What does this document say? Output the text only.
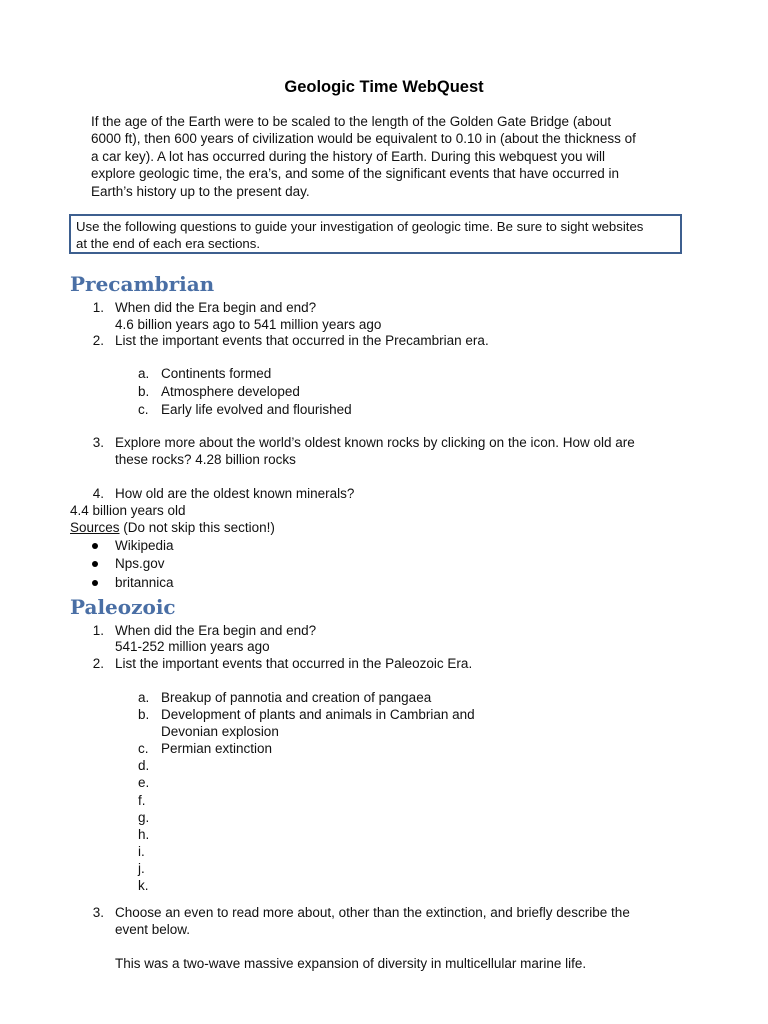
Geologic Time WebQuest
If the age of the Earth were to be scaled to the length of the Golden Gate Bridge (about
6000 ft), then 600 years of civilization would be equivalent to 0.10 in (about the thickness of
a car key). A lot has occurred during the history of Earth. During this webquest you will
explore geologic time, the era’s, and some of the significant events that have occurred in
Earth’s history up to the present day.
Use the following questions to guide your investigation of geologic time. Be sure to sight websites
at the end of each era sections.
Precambrian
1. When did the Era begin and end?
4.6 billion years ago to 541 million years ago
2. List the important events that occurred in the Precambrian era.
a. Continents formed
b. Atmosphere developed
c. Early life evolved and flourished
3. Explore more about the world’s oldest known rocks by clicking on the icon. How old are
these rocks? 4.28 billion rocks
4. How old are the oldest known minerals?
4.4 billion years old
Sources (Do not skip this section!)
Wikipedia
Nps.gov
britannica
Paleozoic
1. When did the Era begin and end?
541-252 million years ago
2. List the important events that occurred in the Paleozoic Era.
a. Breakup of pannotia and creation of pangaea
b. Development of plants and animals in Cambrian and
Devonian explosion
c. Permian extinction
d.
e.
f.
g.
h.
i.
j.
k.
3. Choose an even to read more about, other than the extinction, and briefly describe the
event below.
This was a two-wave massive expansion of diversity in multicellular marine life.
